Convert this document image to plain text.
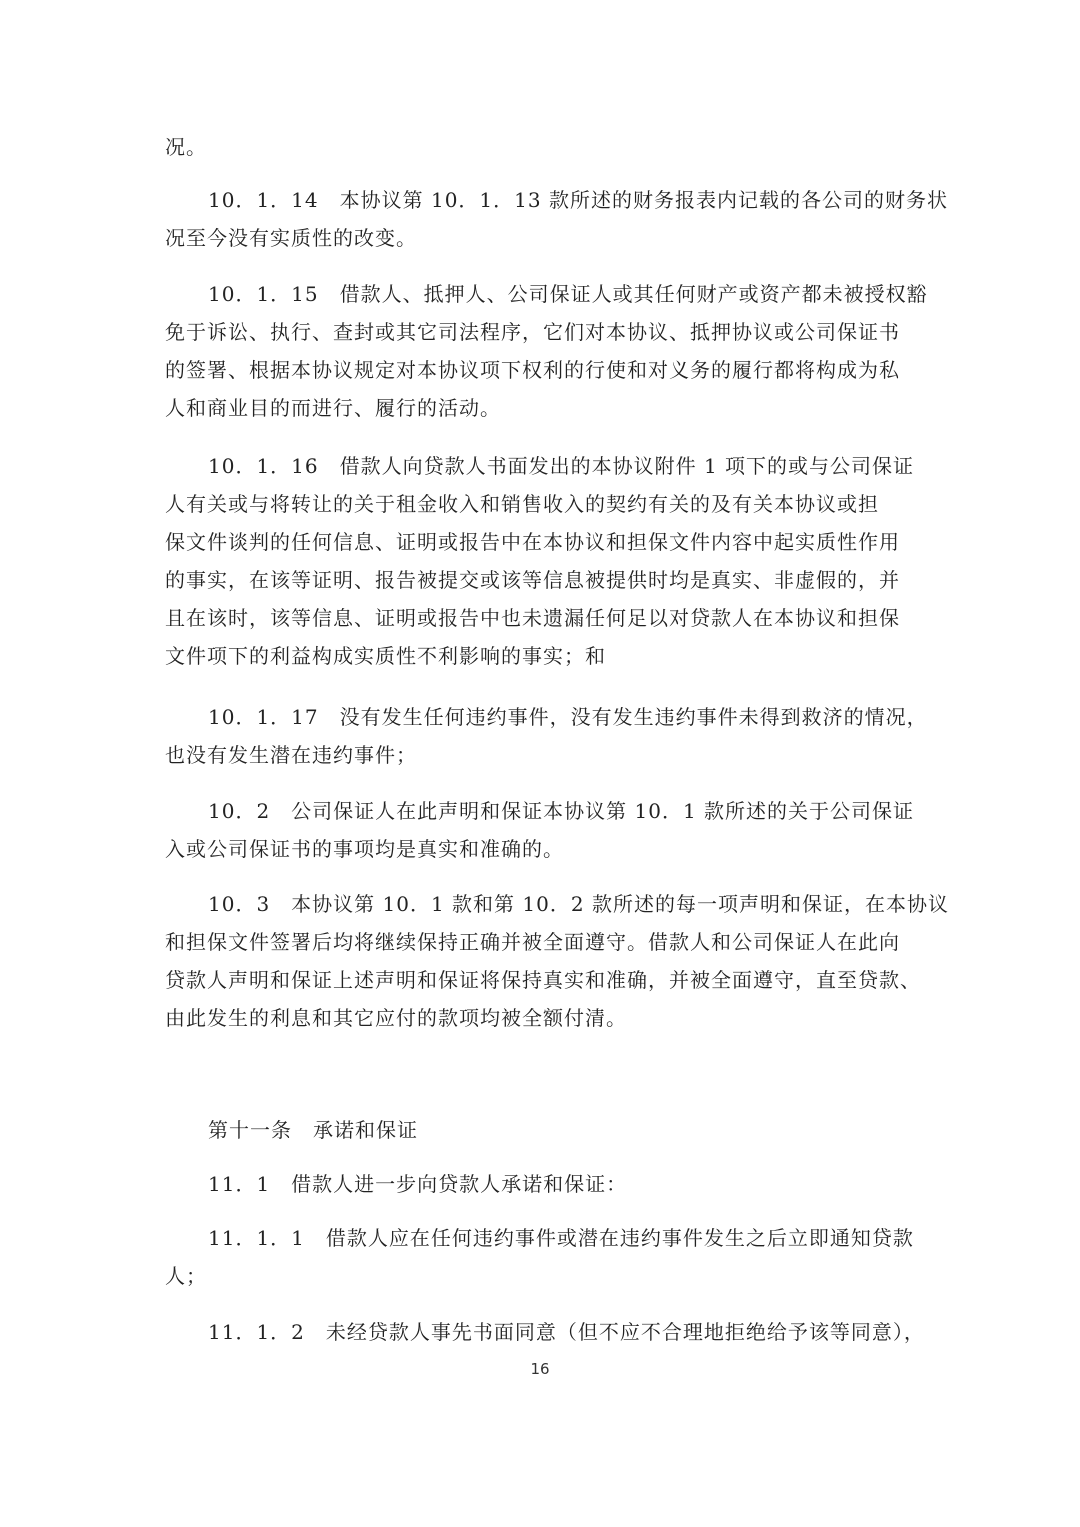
况。

10．1．14　本协议第 10．1．13 款所述的财务报表内记载的各公司的财务状
况至今没有实质性的改变。

10．1．15　借款人、抵押人、公司保证人或其任何财产或资产都未被授权豁
免于诉讼、执行、查封或其它司法程序，它们对本协议、抵押协议或公司保证书
的签署、根据本协议规定对本协议项下权利的行使和对义务的履行都将构成为私
人和商业目的而进行、履行的活动。

10．1．16　借款人向贷款人书面发出的本协议附件 1 项下的或与公司保证
人有关或与将转让的关于租金收入和销售收入的契约有关的及有关本协议或担
保文件谈判的任何信息、证明或报告中在本协议和担保文件内容中起实质性作用
的事实，在该等证明、报告被提交或该等信息被提供时均是真实、非虚假的，并
且在该时，该等信息、证明或报告中也未遗漏任何足以对贷款人在本协议和担保
文件项下的利益构成实质性不利影响的事实；和

10．1．17　没有发生任何违约事件，没有发生违约事件未得到救济的情况，
也没有发生潜在违约事件；

10．2　公司保证人在此声明和保证本协议第 10．1 款所述的关于公司保证
入或公司保证书的事项均是真实和准确的。

10．3　本协议第 10．1 款和第 10．2 款所述的每一项声明和保证，在本协议
和担保文件签署后均将继续保持正确并被全面遵守。借款人和公司保证人在此向
贷款人声明和保证上述声明和保证将保持真实和准确，并被全面遵守，直至贷款、
由此发生的利息和其它应付的款项均被全额付清。

第十一条　承诺和保证

11．1　借款人进一步向贷款人承诺和保证：

11．1．1　借款人应在任何违约事件或潜在违约事件发生之后立即通知贷款
人；

11．1．2　未经贷款人事先书面同意（但不应不合理地拒绝给予该等同意），

16
